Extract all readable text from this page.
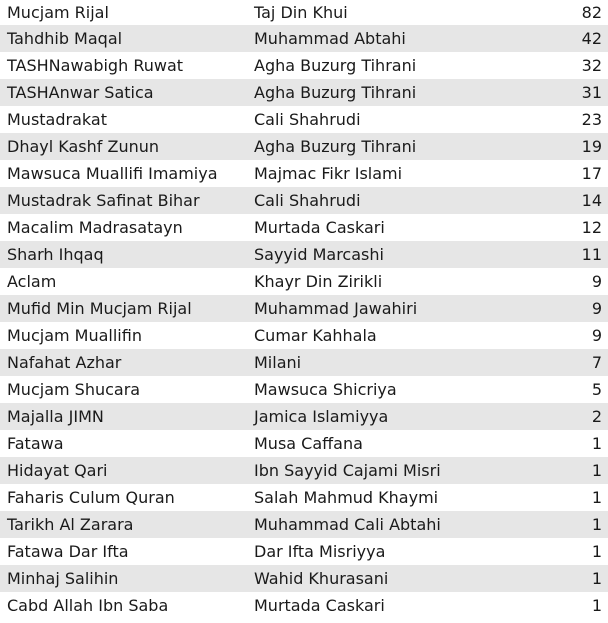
Mucjam Rijal	Taj Din Khui	82
Tahdhib Maqal	Muhammad Abtahi	42
TASHNawabigh Ruwat	Agha Buzurg Tihrani	32
TASHAnwar Satica	Agha Buzurg Tihrani	31
Mustadrakat	Cali Shahrudi	23
Dhayl Kashf Zunun	Agha Buzurg Tihrani	19
Mawsuca Muallifi Imamiya	Majmac Fikr Islami	17
Mustadrak Safinat Bihar	Cali Shahrudi	14
Macalim Madrasatayn	Murtada Caskari	12
Sharh Ihqaq	Sayyid Marcashi	11
Aclam	Khayr Din Zirikli	9
Mufid Min Mucjam Rijal	Muhammad Jawahiri	9
Mucjam Muallifin	Cumar Kahhala	9
Nafahat Azhar	Milani	7
Mucjam Shucara	Mawsuca Shicriya	5
Majalla JIMN	Jamica Islamiyya	2
Fatawa	Musa Caffana	1
Hidayat Qari	Ibn Sayyid Cajami Misri	1
Faharis Culum Quran	Salah Mahmud Khaymi	1
Tarikh Al Zarara	Muhammad Cali Abtahi	1
Fatawa Dar Ifta	Dar Ifta Misriyya	1
Minhaj Salihin	Wahid Khurasani	1
Cabd Allah Ibn Saba	Murtada Caskari	1
